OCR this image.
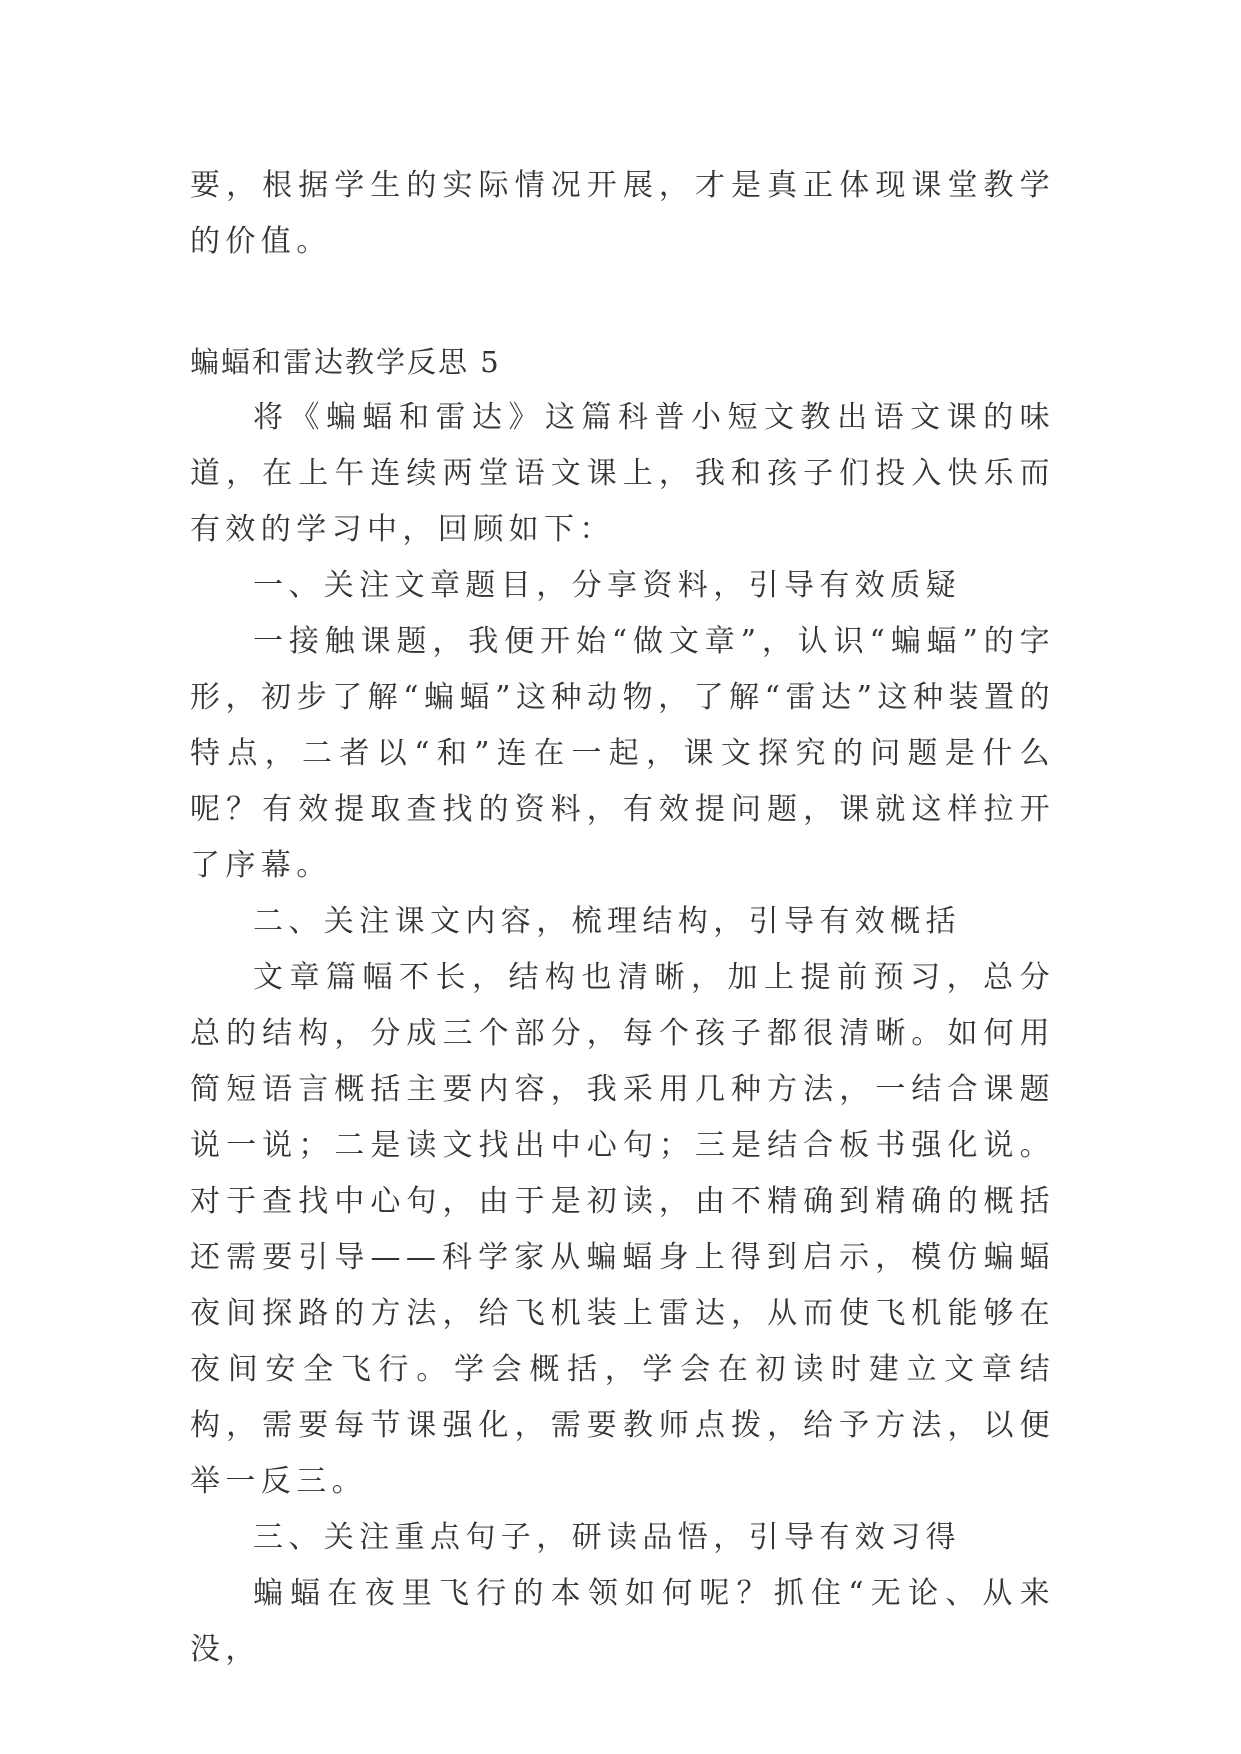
要，根据学生的实际情况开展，才是真正体现课堂教学的价值。

蝙蝠和雷达教学反思 5

将《蝙蝠和雷达》这篇科普小短文教出语文课的味道，在上午连续两堂语文课上，我和孩子们投入快乐而有效的学习中，回顾如下：

一、关注文章题目，分享资料，引导有效质疑

一接触课题，我便开始“做文章”，认识“蝙蝠”的字形，初步了解“蝙蝠”这种动物，了解“雷达”这种装置的特点，二者以“和”连在一起，课文探究的问题是什么呢？有效提取查找的资料，有效提问题，课就这样拉开了序幕。

二、关注课文内容，梳理结构，引导有效概括

文章篇幅不长，结构也清晰，加上提前预习，总分总的结构，分成三个部分，每个孩子都很清晰。如何用简短语言概括主要内容，我采用几种方法，一结合课题说一说；二是读文找出中心句；三是结合板书强化说。对于查找中心句，由于是初读，由不精确到精确的概括还需要引导——科学家从蝙蝠身上得到启示，模仿蝙蝠夜间探路的方法，给飞机装上雷达，从而使飞机能够在夜间安全飞行。学会概括，学会在初读时建立文章结构，需要每节课强化，需要教师点拨，给予方法，以便举一反三。

三、关注重点句子，研读品悟，引导有效习得

蝙蝠在夜里飞行的本领如何呢？抓住“无论、从来没，
